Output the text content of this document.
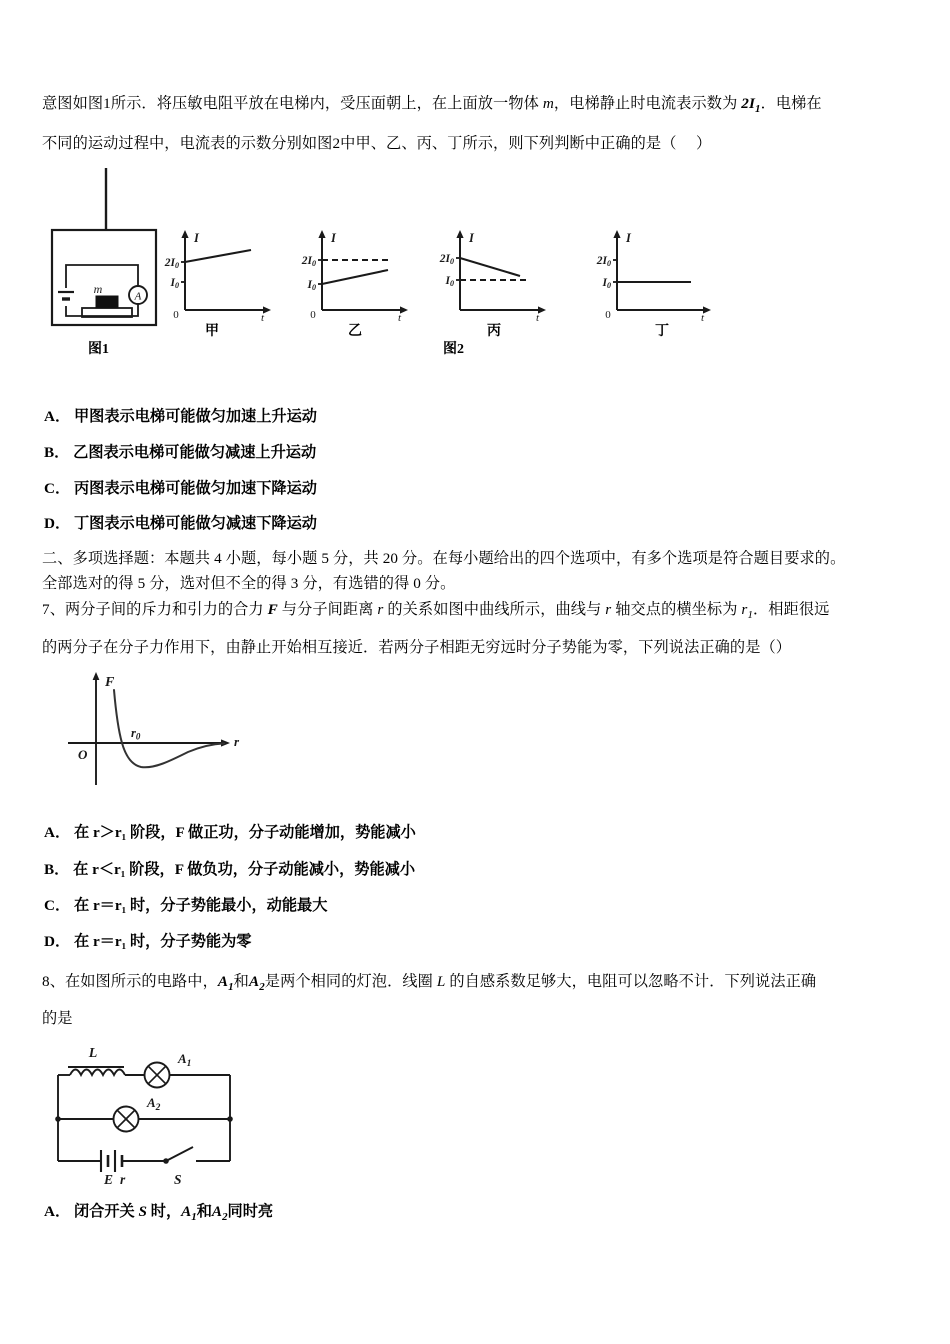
意图如图1所示．将压敏电阻平放在电梯内，受压面朝上，在上面放一物体 m，电梯静止时电流表示数为 $2I_1$．电梯在
不同的运动过程中，电流表的示数分别如图2中甲、乙、丙、丁所示，则下列判断中正确的是（ ）
A
m
图1
I
t
0
2I0
I0
甲
I
t
0
2I0
I0
乙
I
t
2I0
I0
丙
I
t
0
2I0
I0
丁
图2
A． 甲图表示电梯可能做匀加速上升运动
B． 乙图表示电梯可能做匀减速上升运动
C． 丙图表示电梯可能做匀加速下降运动
D． 丁图表示电梯可能做匀减速下降运动
二、多项选择题：本题共 4 小题，每小题 5 分，共 20 分。在每小题给出的四个选项中，有多个选项是符合题目要求的。
全部选对的得 5 分，选对但不全的得 3 分，有选错的得 0 分。
7、两分子间的斥力和引力的合力 F 与分子间距离 r 的关系如图中曲线所示，曲线与 r 轴交点的横坐标为 $r_1$．相距很远
的两分子在分子力作用下，由静止开始相互接近．若两分子相距无穷远时分子势能为零，下列说法正确的是（）
F
r
O
$r_0$
A． 在 r＞r₁ 阶段，F 做正功，分子动能增加，势能减小
B． 在 r＜r₁ 阶段，F 做负功，分子动能减小，势能减小
C． 在 r＝r₁ 时，分子势能最小，动能最大
D． 在 r＝r₁ 时，分子势能为零
8、在如图所示的电路中，$A_1$和$A_2$是两个相同的灯泡．线圈 L 的自感系数足够大，电阻可以忽略不计．下列说法正确
的是
L	$A_1$
$A_2$
E r	S
A． 闭合开关 S 时，$A_1$和$A_2$同时亮
